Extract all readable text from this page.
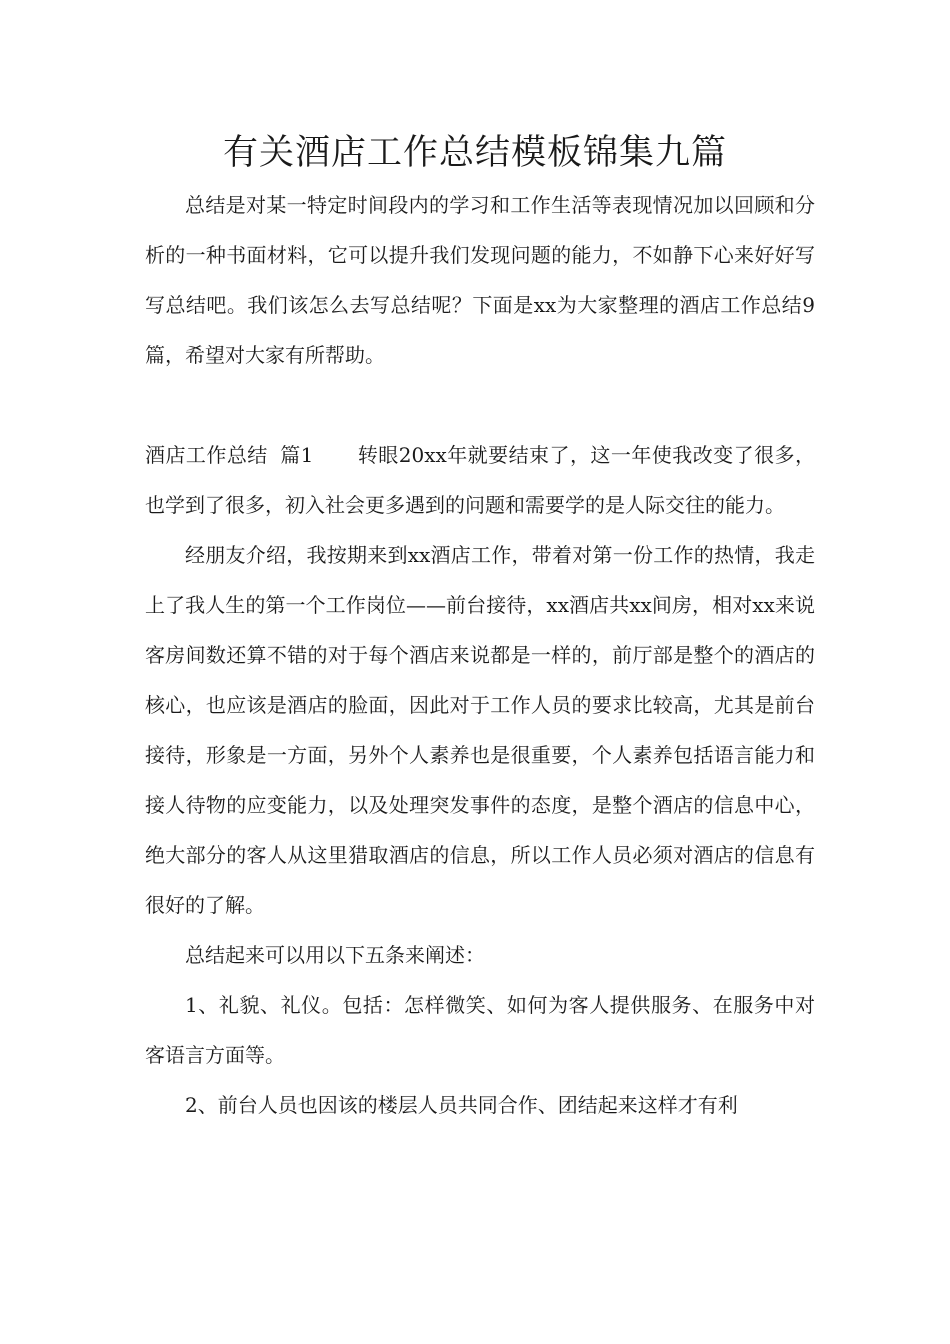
有关酒店工作总结模板锦集九篇

总结是对某一特定时间段内的学习和工作生活等表现情况加以回顾和分析的一种书面材料，它可以提升我们发现问题的能力，不如静下心来好好写写总结吧。我们该怎么去写总结呢？下面是xx为大家整理的酒店工作总结9篇，希望对大家有所帮助。

酒店工作总结 篇1 转眼20xx年就要结束了，这一年使我改变了很多，也学到了很多，初入社会更多遇到的问题和需要学的是人际交往的能力。

经朋友介绍，我按期来到xx酒店工作，带着对第一份工作的热情，我走上了我人生的第一个工作岗位——前台接待，xx酒店共xx间房，相对xx来说客房间数还算不错的对于每个酒店来说都是一样的，前厅部是整个的酒店的核心，也应该是酒店的脸面，因此对于工作人员的要求比较高，尤其是前台接待，形象是一方面，另外个人素养也是很重要，个人素养包括语言能力和接人待物的应变能力，以及处理突发事件的态度，是整个酒店的信息中心，绝大部分的客人从这里猎取酒店的信息，所以工作人员必须对酒店的信息有很好的了解。

总结起来可以用以下五条来阐述：

1、礼貌、礼仪。包括：怎样微笑、如何为客人提供服务、在服务中对客语言方面等。

2、前台人员也因该的楼层人员共同合作、团结起来这样才有利
